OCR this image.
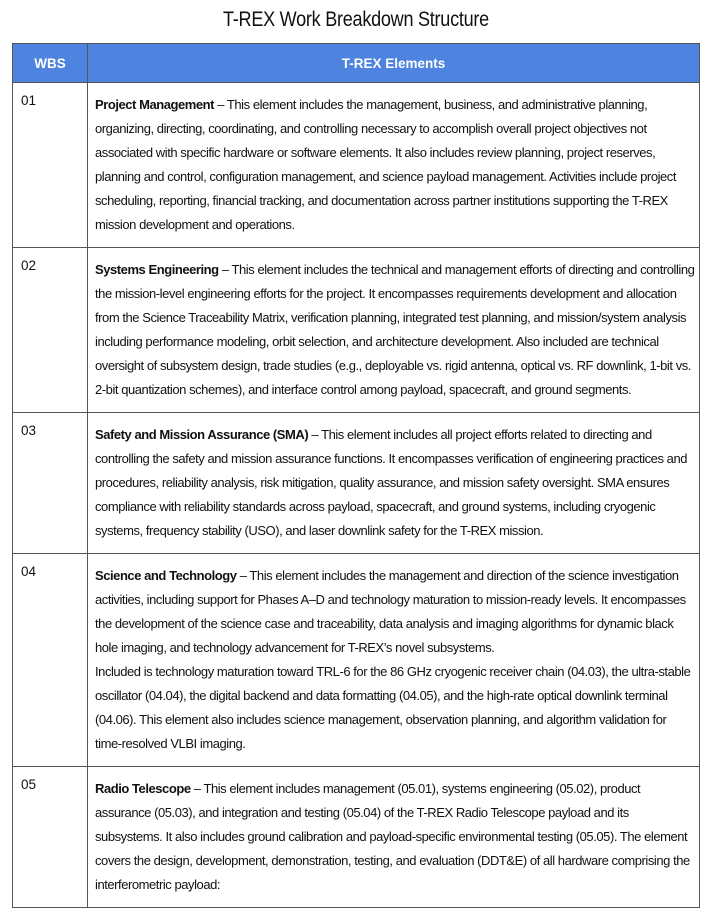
T-REX Work Breakdown Structure
WBS	T-REX Elements
01	Project Management – This element includes the management, business, and administrative planning, organizing, directing, coordinating, and controlling necessary to accomplish overall project objectives not associated with specific hardware or software elements. It also includes review planning, project reserves, planning and control, configuration management, and science payload management. Activities include project scheduling, reporting, financial tracking, and documentation across partner institutions supporting the T-REX mission development and operations.
02	Systems Engineering – This element includes the technical and management efforts of directing and controlling the mission-level engineering efforts for the project. It encompasses requirements development and allocation from the Science Traceability Matrix, verification planning, integrated test planning, and mission/system analysis including performance modeling, orbit selection, and architecture development. Also included are technical oversight of subsystem design, trade studies (e.g., deployable vs. rigid antenna, optical vs. RF downlink, 1-bit vs. 2-bit quantization schemes), and interface control among payload, spacecraft, and ground segments.
03	Safety and Mission Assurance (SMA) – This element includes all project efforts related to directing and controlling the safety and mission assurance functions. It encompasses verification of engineering practices and procedures, reliability analysis, risk mitigation, quality assurance, and mission safety oversight. SMA ensures compliance with reliability standards across payload, spacecraft, and ground systems, including cryogenic systems, frequency stability (USO), and laser downlink safety for the T-REX mission.
04	Science and Technology – This element includes the management and direction of the science investigation activities, including support for Phases A–D and technology maturation to mission-ready levels. It encompasses the development of the science case and traceability, data analysis and imaging algorithms for dynamic black hole imaging, and technology advancement for T-REX’s novel subsystems.
Included is technology maturation toward TRL-6 for the 86 GHz cryogenic receiver chain (04.03), the ultra-stable oscillator (04.04), the digital backend and data formatting (04.05), and the high-rate optical downlink terminal (04.06). This element also includes science management, observation planning, and algorithm validation for time-resolved VLBI imaging.

05	Radio Telescope – This element includes management (05.01), systems engineering (05.02), product assurance (05.03), and integration and testing (05.04) of the T-REX Radio Telescope payload and its subsystems. It also includes ground calibration and payload-specific environmental testing (05.05). The element covers the design, development, demonstration, testing, and evaluation (DDT&E) of all hardware comprising the interferometric payload:
